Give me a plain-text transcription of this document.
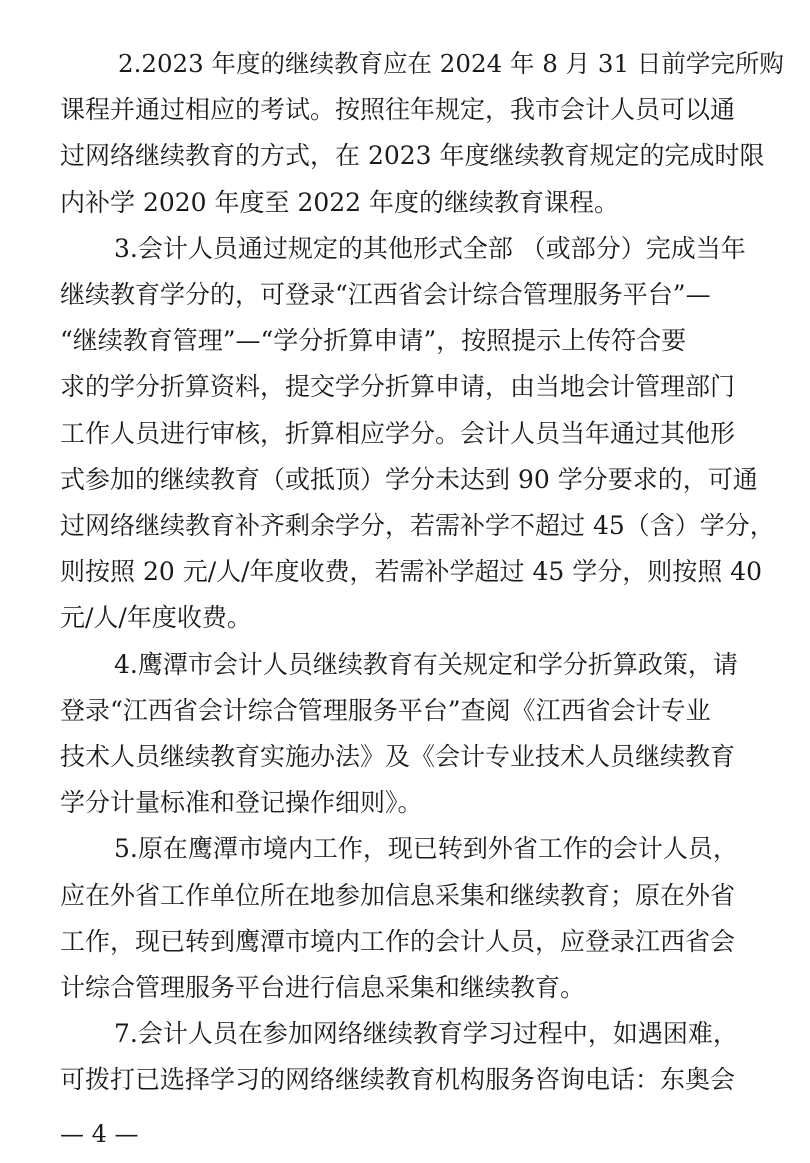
2.2023 年度的继续教育应在 2024 年 8 月 31 日前学完所购
课程并通过相应的考试。按照往年规定，我市会计人员可以通
过网络继续教育的方式，在 2023 年度继续教育规定的完成时限
内补学 2020 年度至 2022 年度的继续教育课程。
3.会计人员通过规定的其他形式全部 （或部分）完成当年
继续教育学分的，可登录“江西省会计综合管理服务平台”—
“继续教育管理”—“学分折算申请”，按照提示上传符合要
求的学分折算资料，提交学分折算申请，由当地会计管理部门
工作人员进行审核，折算相应学分。会计人员当年通过其他形
式参加的继续教育（或抵顶）学分未达到 90 学分要求的，可通
过网络继续教育补齐剩余学分，若需补学不超过 45（含）学分，
则按照 20 元/人/年度收费，若需补学超过 45 学分，则按照 40
元/人/年度收费。
4.鹰潭市会计人员继续教育有关规定和学分折算政策，请
登录“江西省会计综合管理服务平台”查阅《江西省会计专业
技术人员继续教育实施办法》及《会计专业技术人员继续教育
学分计量标准和登记操作细则》。
5.原在鹰潭市境内工作，现已转到外省工作的会计人员，
应在外省工作单位所在地参加信息采集和继续教育；原在外省
工作，现已转到鹰潭市境内工作的会计人员，应登录江西省会
计综合管理服务平台进行信息采集和继续教育。
7.会计人员在参加网络继续教育学习过程中，如遇困难，
可拨打已选择学习的网络继续教育机构服务咨询电话：东奥会
— 4 —
